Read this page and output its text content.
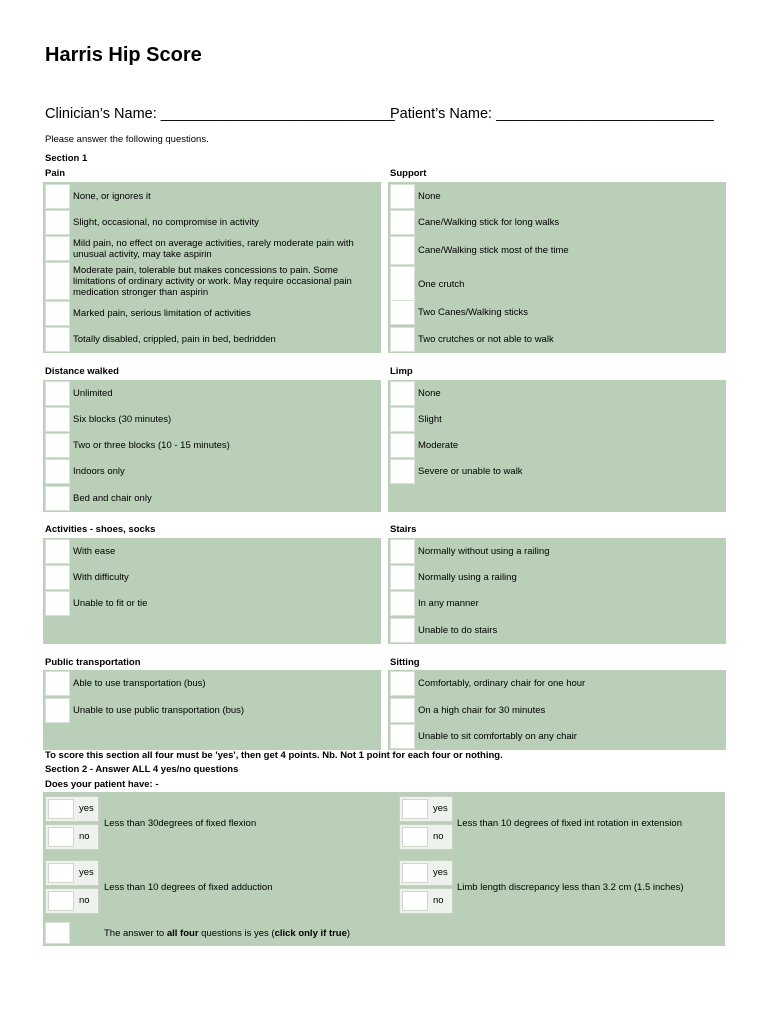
Harris Hip Score
Clinician’s Name: _____________________________
Patient’s Name: ___________________________
Please answer the following questions.
Section 1
Pain	Support
Distance walked	Limp
Activities - shoes, socks	Stairs
Public transportation	Sitting
None, or ignores it
Slight, occasional, no compromise in activity
Mild pain, no effect on average activities, rarely moderate pain with unusual activity, may take aspirin
Moderate pain, tolerable but makes concessions to pain. Some limitations of ordinary activity or work. May require occasional pain medication stronger than aspirin
Marked pain, serious limitation of activities
Totally disabled, crippled, pain in bed, bedridden
None
Cane/Walking stick for long walks
Cane/Walking stick most of the time
One crutch
Two Canes/Walking sticks
Two crutches or not able to walk
Unlimited
Six blocks (30 minutes)
Two or three blocks (10 - 15 minutes)
Indoors only
Bed and chair only
None
Slight
Moderate
Severe or unable to walk
With ease
With difficulty
Unable to fit or tie
Normally without using a railing
Normally using a railing
In any manner
Unable to do stairs
Able to use transportation (bus)
Unable to use public transportation (bus)
Comfortably, ordinary chair for one hour
On a high chair for 30 minutes
Unable to sit comfortably on any chair
To score this section all four must be 'yes', then get 4 points. Nb. Not 1 point for each four or nothing.
Section 2 - Answer ALL 4 yes/no questions
Does your patient have: -
yes
no
Less than 30degrees of fixed flexion
yes
no
Less than 10 degrees of fixed int rotation in extension
yes
no
Less than 10 degrees of fixed adduction
yes
no
Limb length discrepancy less than 3.2 cm (1.5 inches)
The answer to all four questions is yes (click only if true)
